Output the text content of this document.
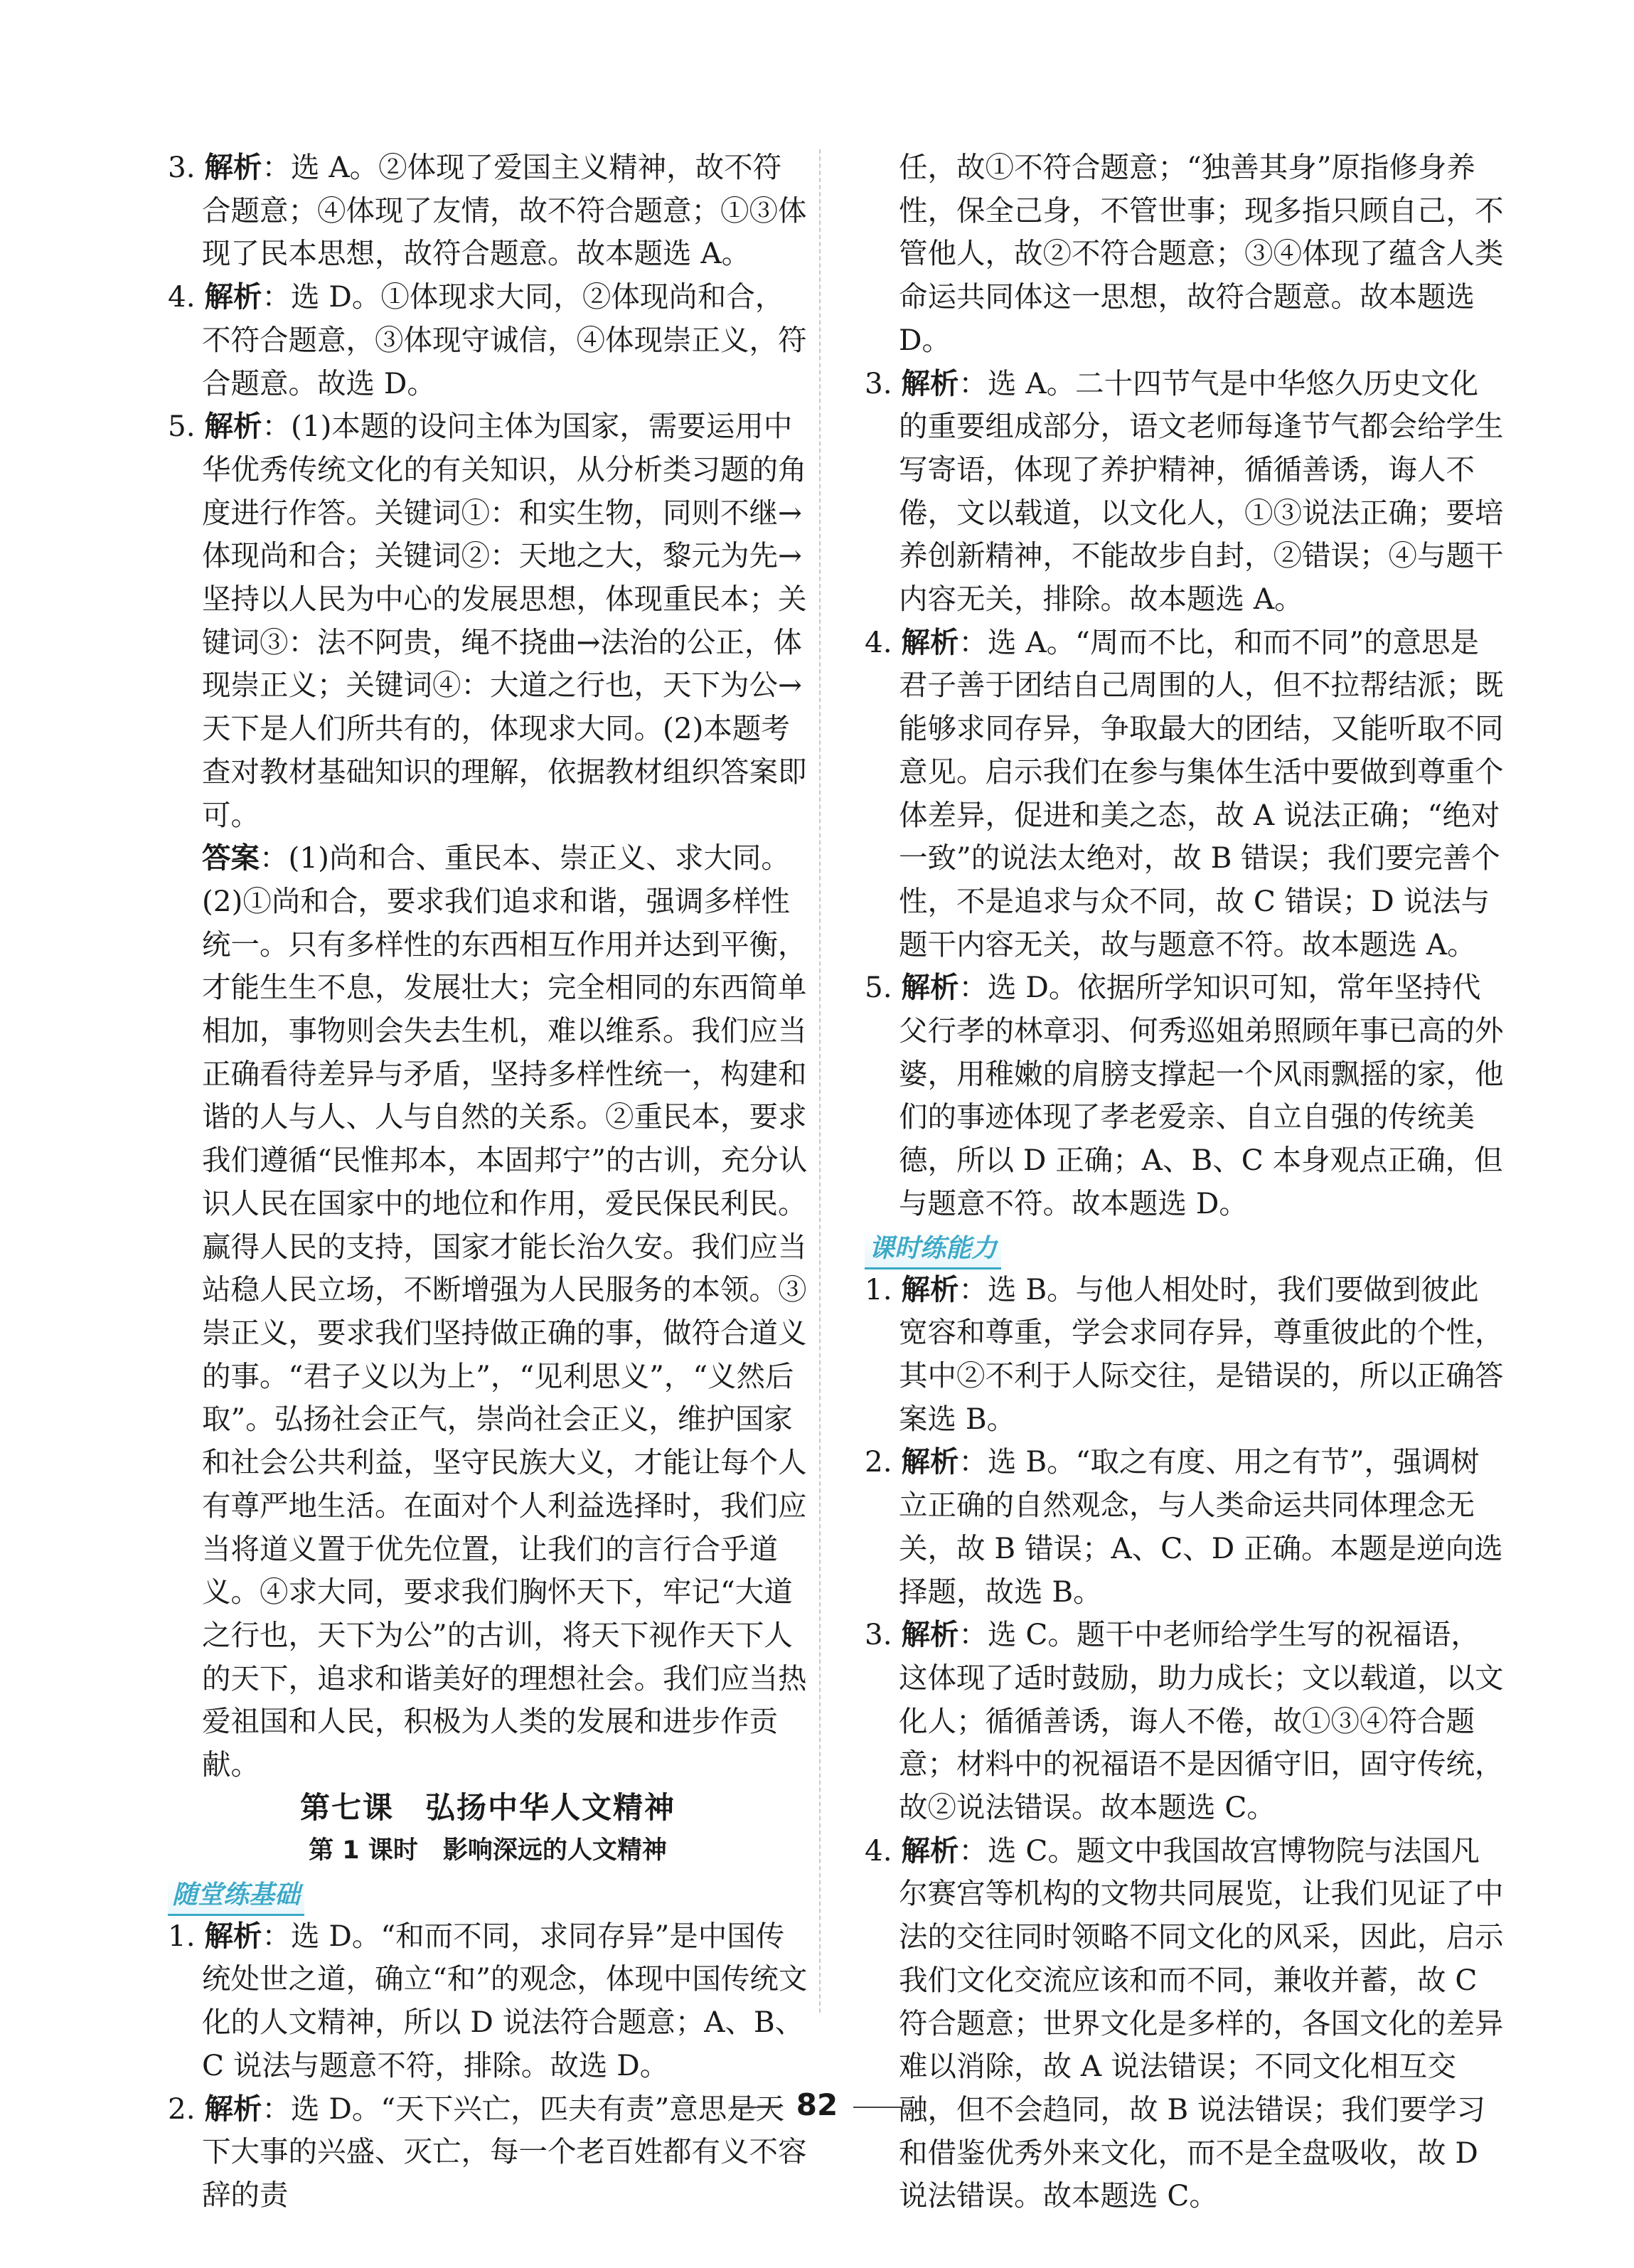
3. 解析：选 A。②体现了爱国主义精神，故不符合题意；④体现了友情，故不符合题意；①③体现了民本思想，故符合题意。故本题选 A。

4. 解析：选 D。①体现求大同，②体现尚和合，不符合题意，③体现守诚信，④体现崇正义，符合题意。故选 D。

5. 解析：(1)本题的设问主体为国家，需要运用中华优秀传统文化的有关知识，从分析类习题的角度进行作答。关键词①：和实生物，同则不继→体现尚和合；关键词②：天地之大，黎元为先→坚持以人民为中心的发展思想，体现重民本；关键词③：法不阿贵，绳不挠曲→法治的公正，体现崇正义；关键词④：大道之行也，天下为公→天下是人们所共有的，体现求大同。(2)本题考查对教材基础知识的理解，依据教材组织答案即可。

答案：(1)尚和合、重民本、崇正义、求大同。

(2)①尚和合，要求我们追求和谐，强调多样性统一。只有多样性的东西相互作用并达到平衡，才能生生不息，发展壮大；完全相同的东西简单相加，事物则会失去生机，难以维系。我们应当正确看待差异与矛盾，坚持多样性统一，构建和谐的人与人、人与自然的关系。②重民本，要求我们遵循“民惟邦本，本固邦宁”的古训，充分认识人民在国家中的地位和作用，爱民保民利民。赢得人民的支持，国家才能长治久安。我们应当站稳人民立场，不断增强为人民服务的本领。③崇正义，要求我们坚持做正确的事，做符合道义的事。“君子义以为上”，“见利思义”，“义然后取”。弘扬社会正气，崇尚社会正义，维护国家和社会公共利益，坚守民族大义，才能让每个人有尊严地生活。在面对个人利益选择时，我们应当将道义置于优先位置，让我们的言行合乎道义。④求大同，要求我们胸怀天下，牢记“大道之行也，天下为公”的古训，将天下视作天下人的天下，追求和谐美好的理想社会。我们应当热爱祖国和人民，积极为人类的发展和进步作贡献。

第七课　弘扬中华人文精神

第 1 课时　影响深远的人文精神

随堂练基础

1. 解析：选 D。“和而不同，求同存异”是中国传统处世之道，确立“和”的观念，体现中国传统文化的人文精神，所以 D 说法符合题意；A、B、C 说法与题意不符，排除。故选 D。

2. 解析：选 D。“天下兴亡，匹夫有责”意思是天下大事的兴盛、灭亡，每一个老百姓都有义不容辞的责

任，故①不符合题意；“独善其身”原指修身养性，保全己身，不管世事；现多指只顾自己，不管他人，故②不符合题意；③④体现了蕴含人类命运共同体这一思想，故符合题意。故本题选 D。

3. 解析：选 A。二十四节气是中华悠久历史文化的重要组成部分，语文老师每逢节气都会给学生写寄语，体现了养护精神，循循善诱，诲人不倦，文以载道，以文化人，①③说法正确；要培养创新精神，不能故步自封，②错误；④与题干内容无关，排除。故本题选 A。

4. 解析：选 A。“周而不比，和而不同”的意思是君子善于团结自己周围的人，但不拉帮结派；既能够求同存异，争取最大的团结，又能听取不同意见。启示我们在参与集体生活中要做到尊重个体差异，促进和美之态，故 A 说法正确；“绝对一致”的说法太绝对，故 B 错误；我们要完善个性，不是追求与众不同，故 C 错误；D 说法与题干内容无关，故与题意不符。故本题选 A。

5. 解析：选 D。依据所学知识可知，常年坚持代父行孝的林章羽、何秀巡姐弟照顾年事已高的外婆，用稚嫩的肩膀支撑起一个风雨飘摇的家，他们的事迹体现了孝老爱亲、自立自强的传统美德，所以 D 正确；A、B、C 本身观点正确，但与题意不符。故本题选 D。

课时练能力

1. 解析：选 B。与他人相处时，我们要做到彼此宽容和尊重，学会求同存异，尊重彼此的个性，其中②不利于人际交往，是错误的，所以正确答案选 B。

2. 解析：选 B。“取之有度、用之有节”，强调树立正确的自然观念，与人类命运共同体理念无关，故 B 错误；A、C、D 正确。本题是逆向选择题，故选 B。

3. 解析：选 C。题干中老师给学生写的祝福语，这体现了适时鼓励，助力成长；文以载道，以文化人；循循善诱，诲人不倦，故①③④符合题意；材料中的祝福语不是因循守旧，固守传统，故②说法错误。故本题选 C。

4. 解析：选 C。题文中我国故宫博物院与法国凡尔赛宫等机构的文物共同展览，让我们见证了中法的交往同时领略不同文化的风采，因此，启示我们文化交流应该和而不同，兼收并蓄，故 C 符合题意；世界文化是多样的，各国文化的差异难以消除，故 A 说法错误；不同文化相互交融，但不会趋同，故 B 说法错误；我们要学习和借鉴优秀外来文化，而不是全盘吸收，故 D 说法错误。故本题选 C。

82
